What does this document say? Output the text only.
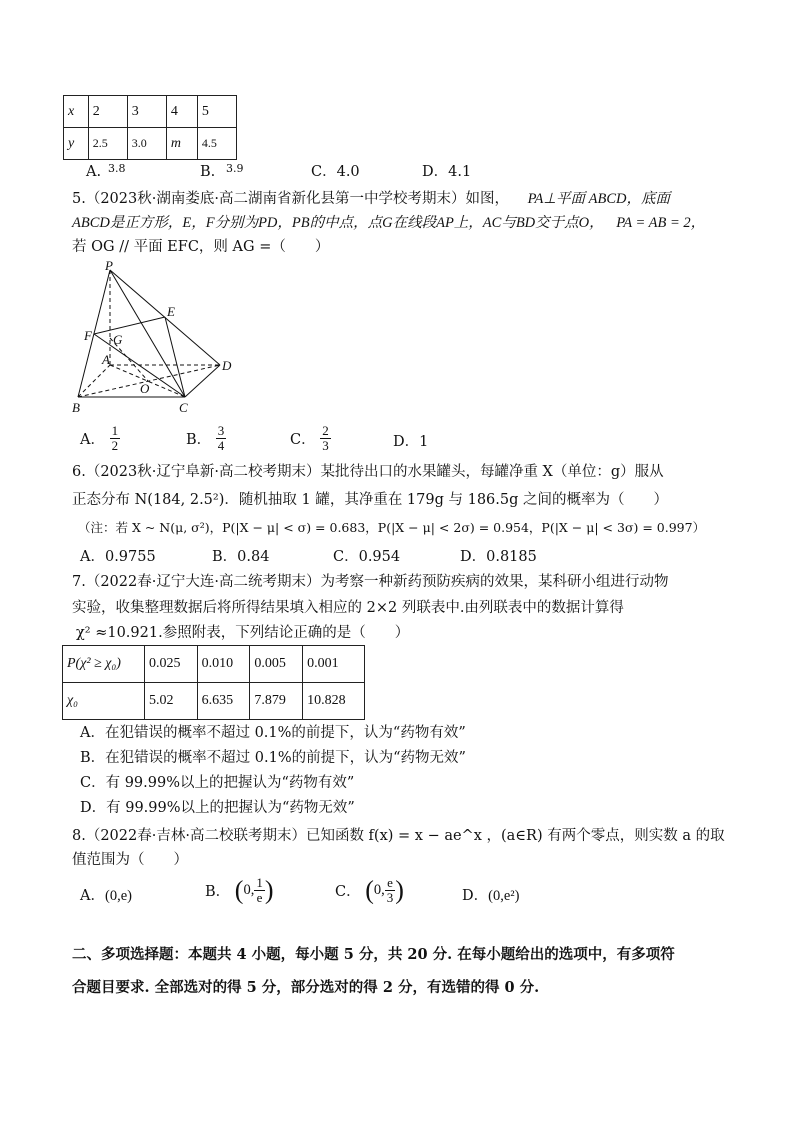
x	2	3	4	5
y	2.5	3.0	m	4.5
A. 3.8	B. 3.9	C．4.0	D．4.1
5.（2023秋·湖南娄底·高二湖南省新化县第一中学校考期末）如图， PA⊥平面 ABCD，底面
ABCD是正方形，E，F分别为PD，PB的中点，点G在线段AP上，AC与BD交于点O， PA = AB = 2，
若 OG // 平面 EFC，则 AG =（　　）
P
E
F G
A	D
O
B	C
A． $\frac{1}{2}$	B． $\frac{3}{4}$	C． $\frac{2}{3}$	D．1
6.（2023秋·辽宁阜新·高二校考期末）某批待出口的水果罐头，每罐净重 X（单位：g）服从
正态分布 N(184, 2.5²)．随机抽取 1 罐，其净重在 179g 与 186.5g 之间的概率为（　　）
（注：若 X ~ N(μ, σ²)，P(|X − μ| < σ) = 0.683，P(|X − μ| < 2σ) = 0.954，P(|X − μ| < 3σ) = 0.997）
A．0.9755	B．0.84	C．0.954	D．0.8185
7.（2022春·辽宁大连·高二统考期末）为考察一种新药预防疾病的效果，某科研小组进行动物
实验，收集整理数据后将所得结果填入相应的 2×2 列联表中.由列联表中的数据计算得
χ² ≈10.921.参照附表，下列结论正确的是（　　）
P(χ² ≥ χ₀)	0.025	0.010	0.005	0.001
χ₀	5.02	6.635	7.879	10.828
A．在犯错误的概率不超过 0.1%的前提下，认为“药物有效”
B．在犯错误的概率不超过 0.1%的前提下，认为“药物无效”
C．有 99.99%以上的把握认为“药物有效”
D．有 99.99%以上的把握认为“药物无效”
8.（2022春·吉林·高二校联考期末）已知函数 f(x) = x − ae^x ，(a∈R) 有两个零点，则实数 a 的取
值范围为（　　）
A．(0,e)	B． (0, $\frac{1}{e}$ )	C． (0, $\frac{e}{3}$ )	D．(0,e²)
二、多项选择题：本题共 4 小题，每小题 5 分，共 20 分. 在每小题给出的选项中，有多项符
合题目要求. 全部选对的得 5 分，部分选对的得 2 分，有选错的得 0 分.
